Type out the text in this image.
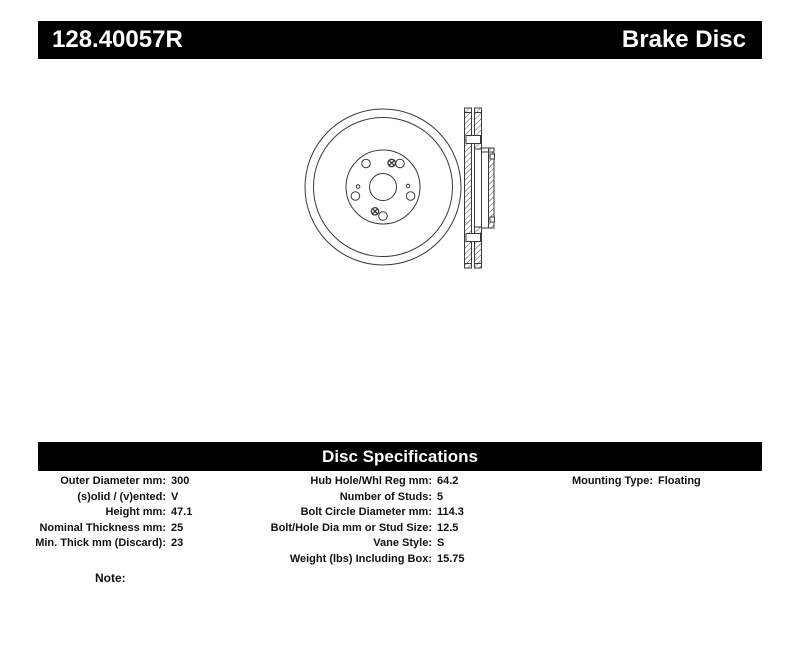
128.40057R	Brake Disc
Disc Specifications
Outer Diameter mm: 300
(s)olid / (v)ented: V
Height mm: 47.1
Nominal Thickness mm: 25
Min. Thick mm (Discard): 23
Hub Hole/Whl Reg mm: 64.2
Number of Studs: 5
Bolt Circle Diameter mm: 114.3
Bolt/Hole Dia mm or Stud Size: 12.5
Vane Style: S
Weight (lbs) Including Box: 15.75
Mounting Type: Floating
Note:
